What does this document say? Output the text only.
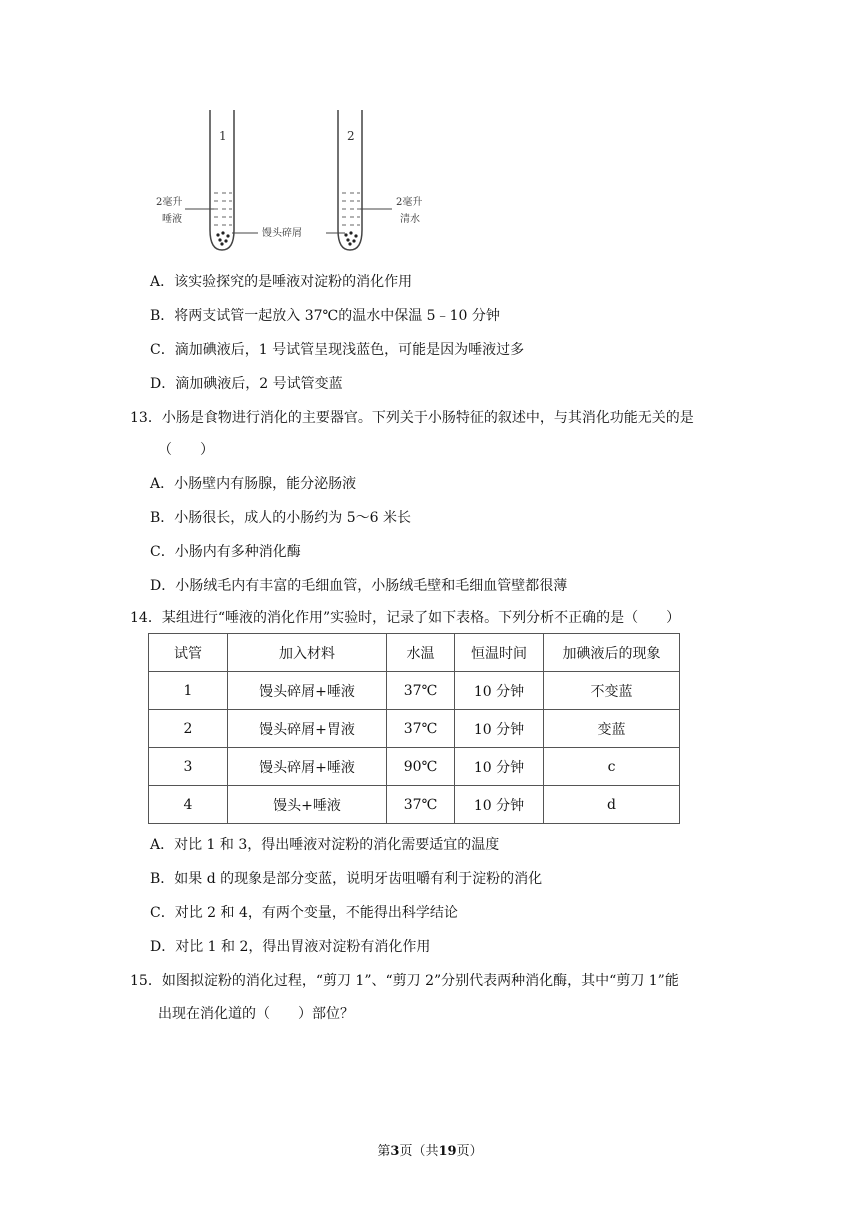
1	2
2毫升
唾液
馒头碎屑
2毫升
清水
A．该实验探究的是唾液对淀粉的消化作用
B．将两支试管一起放入 37℃的温水中保温 5﹣10 分钟
C．滴加碘液后，1 号试管呈现浅蓝色，可能是因为唾液过多
D．滴加碘液后，2 号试管变蓝
13．小肠是食物进行消化的主要器官。下列关于小肠特征的叙述中，与其消化功能无关的是
（　　）
A．小肠壁内有肠腺，能分泌肠液
B．小肠很长，成人的小肠约为 5～6 米长
C．小肠内有多种消化酶
D．小肠绒毛内有丰富的毛细血管，小肠绒毛壁和毛细血管壁都很薄
14．某组进行“唾液的消化作用”实验时，记录了如下表格。下列分析不正确的是（　　）
试管	加入材料	水温	恒温时间	加碘液后的现象
1	馒头碎屑+唾液	37℃	10 分钟	不变蓝
2	馒头碎屑+胃液	37℃	10 分钟	变蓝
3	馒头碎屑+唾液	90℃	10 分钟	c
4	馒头+唾液	37℃	10 分钟	d
A．对比 1 和 3，得出唾液对淀粉的消化需要适宜的温度
B．如果 d 的现象是部分变蓝，说明牙齿咀嚼有利于淀粉的消化
C．对比 2 和 4，有两个变量，不能得出科学结论
D．对比 1 和 2，得出胃液对淀粉有消化作用
15．如图拟淀粉的消化过程，“剪刀 1”、“剪刀 2”分别代表两种消化酶，其中“剪刀 1”能
出现在消化道的（　　）部位？
第3页（共19页）
